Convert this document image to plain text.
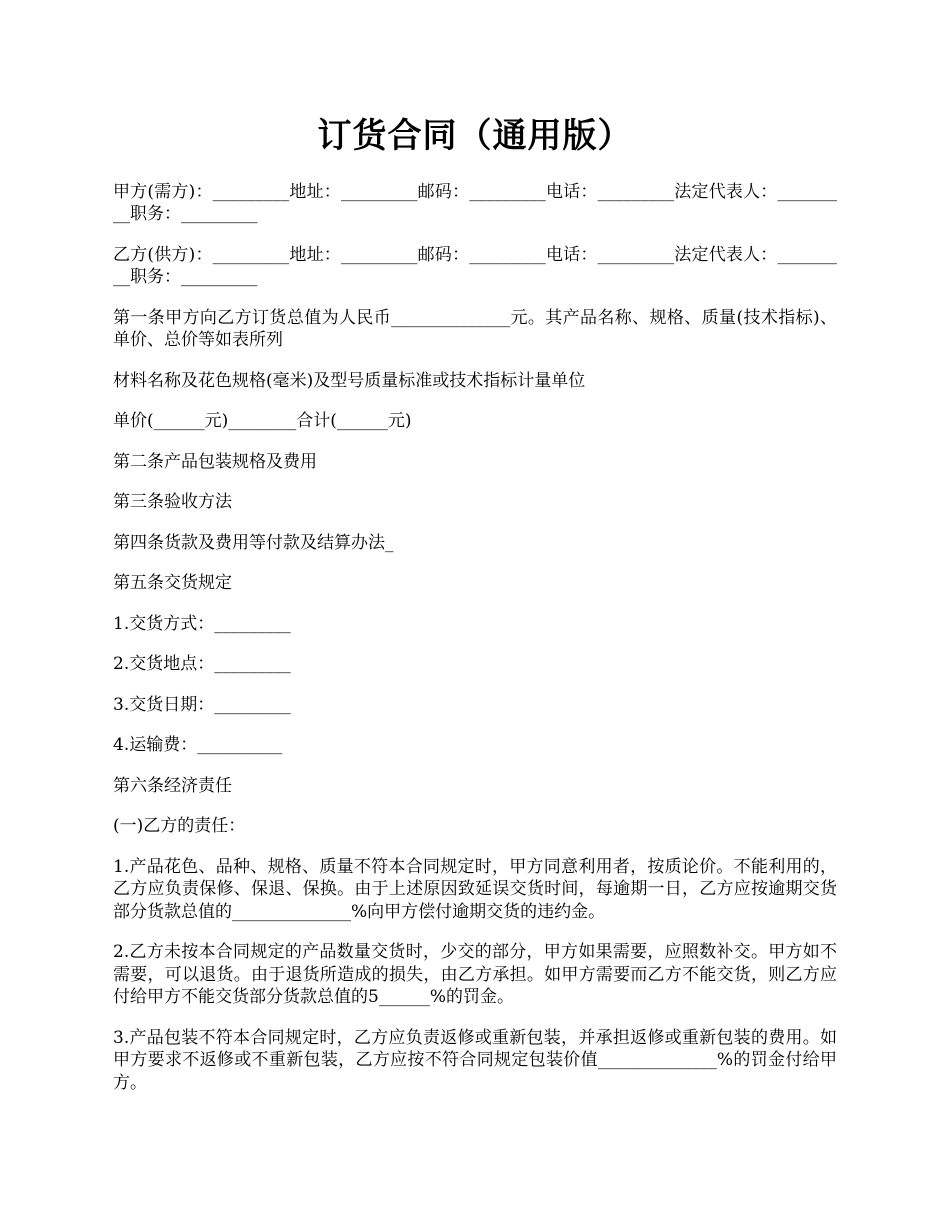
订货合同（通用版）

甲方(需方)：_________地址：_________邮码：_________电话：_________法定代表人：_________职务：_________

乙方(供方)：_________地址：_________邮码：_________电话：_________法定代表人：_________职务：_________

第一条甲方向乙方订货总值为人民币______________元。其产品名称、规格、质量(技术指标)、单价、总价等如表所列

材料名称及花色规格(毫米)及型号质量标准或技术指标计量单位

单价(______元)________合计(______元)

第二条产品包装规格及费用

第三条验收方法

第四条货款及费用等付款及结算办法_

第五条交货规定

1.交货方式：_________

2.交货地点：_________

3.交货日期：_________

4.运输费：__________

第六条经济责任

(一)乙方的责任：

1.产品花色、品种、规格、质量不符本合同规定时，甲方同意利用者，按质论价。不能利用的，乙方应负责保修、保退、保换。由于上述原因致延误交货时间，每逾期一日，乙方应按逾期交货部分货款总值的______________%向甲方偿付逾期交货的违约金。

2.乙方未按本合同规定的产品数量交货时，少交的部分，甲方如果需要，应照数补交。甲方如不需要，可以退货。由于退货所造成的损失，由乙方承担。如甲方需要而乙方不能交货，则乙方应付给甲方不能交货部分货款总值的5______%的罚金。

3.产品包装不符本合同规定时，乙方应负责返修或重新包装，并承担返修或重新包装的费用。如甲方要求不返修或不重新包装，乙方应按不符合同规定包装价值______________%的罚金付给甲方。
